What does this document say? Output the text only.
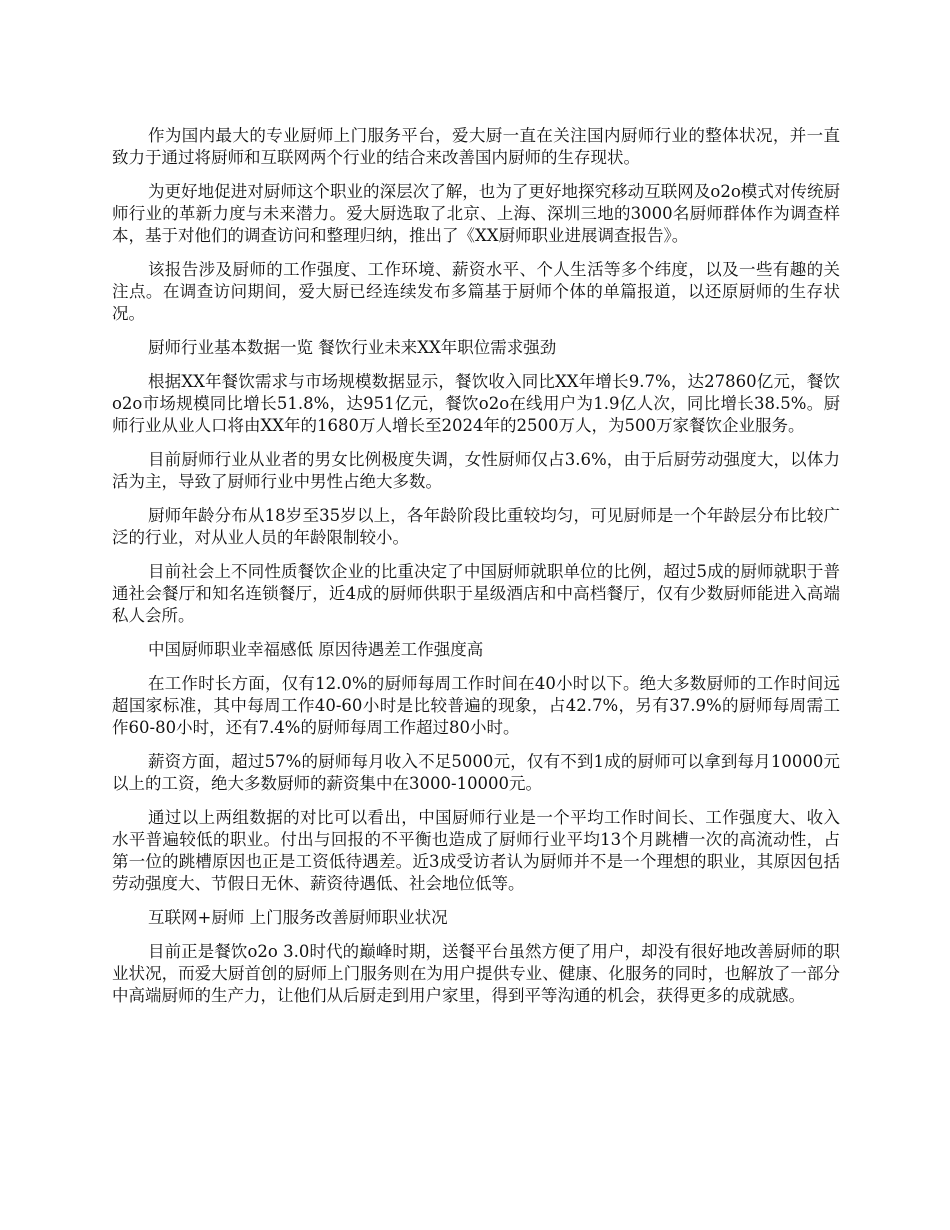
作为国内最大的专业厨师上门服务平台，爱大厨一直在关注国内厨师行业的整体状况，并一直致力于通过将厨师和互联网两个行业的结合来改善国内厨师的生存现状。

为更好地促进对厨师这个职业的深层次了解，也为了更好地探究移动互联网及o2o模式对传统厨师行业的革新力度与未来潜力。爱大厨选取了北京、上海、深圳三地的3000名厨师群体作为调查样本，基于对他们的调查访问和整理归纳，推出了《XX厨师职业进展调查报告》。

该报告涉及厨师的工作强度、工作环境、薪资水平、个人生活等多个纬度，以及一些有趣的关注点。在调查访问期间，爱大厨已经连续发布多篇基于厨师个体的单篇报道，以还原厨师的生存状况。

厨师行业基本数据一览 餐饮行业未来XX年职位需求强劲

根据XX年餐饮需求与市场规模数据显示，餐饮收入同比XX年增长9.7%，达27860亿元，餐饮o2o市场规模同比增长51.8%，达951亿元，餐饮o2o在线用户为1.9亿人次，同比增长38.5%。厨师行业从业人口将由XX年的1680万人增长至2024年的2500万人，为500万家餐饮企业服务。

目前厨师行业从业者的男女比例极度失调，女性厨师仅占3.6%，由于后厨劳动强度大，以体力活为主，导致了厨师行业中男性占绝大多数。

厨师年龄分布从18岁至35岁以上，各年龄阶段比重较均匀，可见厨师是一个年龄层分布比较广泛的行业，对从业人员的年龄限制较小。

目前社会上不同性质餐饮企业的比重决定了中国厨师就职单位的比例，超过5成的厨师就职于普通社会餐厅和知名连锁餐厅，近4成的厨师供职于星级酒店和中高档餐厅，仅有少数厨师能进入高端私人会所。

中国厨师职业幸福感低 原因待遇差工作强度高

在工作时长方面，仅有12.0%的厨师每周工作时间在40小时以下。绝大多数厨师的工作时间远超国家标准，其中每周工作40-60小时是比较普遍的现象，占42.7%，另有37.9%的厨师每周需工作60-80小时，还有7.4%的厨师每周工作超过80小时。

薪资方面，超过57%的厨师每月收入不足5000元，仅有不到1成的厨师可以拿到每月10000元以上的工资，绝大多数厨师的薪资集中在3000-10000元。

通过以上两组数据的对比可以看出，中国厨师行业是一个平均工作时间长、工作强度大、收入水平普遍较低的职业。付出与回报的不平衡也造成了厨师行业平均13个月跳槽一次的高流动性，占第一位的跳槽原因也正是工资低待遇差。近3成受访者认为厨师并不是一个理想的职业，其原因包括劳动强度大、节假日无休、薪资待遇低、社会地位低等。

互联网+厨师 上门服务改善厨师职业状况

目前正是餐饮o2o 3.0时代的巅峰时期，送餐平台虽然方便了用户，却没有很好地改善厨师的职业状况，而爱大厨首创的厨师上门服务则在为用户提供专业、健康、化服务的同时，也解放了一部分中高端厨师的生产力，让他们从后厨走到用户家里，得到平等沟通的机会，获得更多的成就感。
